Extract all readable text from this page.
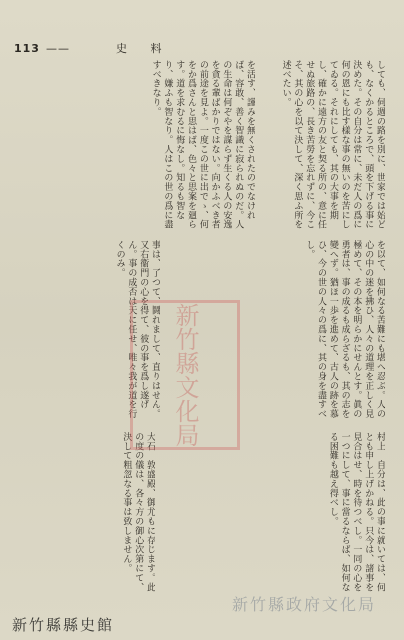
113 ——	史 料
しても、伺週の路を別に、世家では始ども、なくかるところで、頭を下げる事に決めた。その自分は常に、未だ人の爲に何の恩にも比す樣な事の無いのを苦にしてゐる。それにしても、其の大事を期し、確かに遠方の友と契る所の、意に任せぬ旅路の、長き苦勞を忘れずに、今こそ、其の心を以て決して、深く思ふ所を述べたい。
を活す、謹みを無くされたのでなければ、容敢、善く智識に寂られぬのだ。人の生命は何ぞやを謀らず生くる人の安逸を貪る輩ばかりではない。向かふべき者の前途を見よ。一度この世に出でゝ、何をか爲さんと思はば、色々と思案を廻らす。道を求むるに悔なし。知るも智なり、嫌ふも智なり。人はこの世の爲に盡すべきなり。
を以て、如何なる苦難にも堪へ忍ぶ。人の心の中の迷を拂ひ、人々の道理を正しく見極めて、その本を明らかにせんとす。眞の勇者は、事の成るも成らざるも、其の志を變へず。猶ほ一歩を進めて、古人の跡を慕ひ、今の世の人々の爲に、其の身を盡すべし。
事は、了つて、鬪れまして、直りはせん。又右衞門の心を得て、彼の事を爲し遂げん。事の成否は天に任せ、唯々我が道を行くのみ。
村上　自分は、此の事に就いては、何とも申し上げかねる。只今は、諸事を見合はせ、時を待つべし。一同の心を一つにして、事に當るならば、如何なる困難も越え得べし。
大石　敦盛殿、御尤もに存じます。此の度の儀は、各々方の御心次第にて、決して粗忽なる事は致しません。
新竹縣文化局
新竹縣縣史館
新竹縣政府文化局
